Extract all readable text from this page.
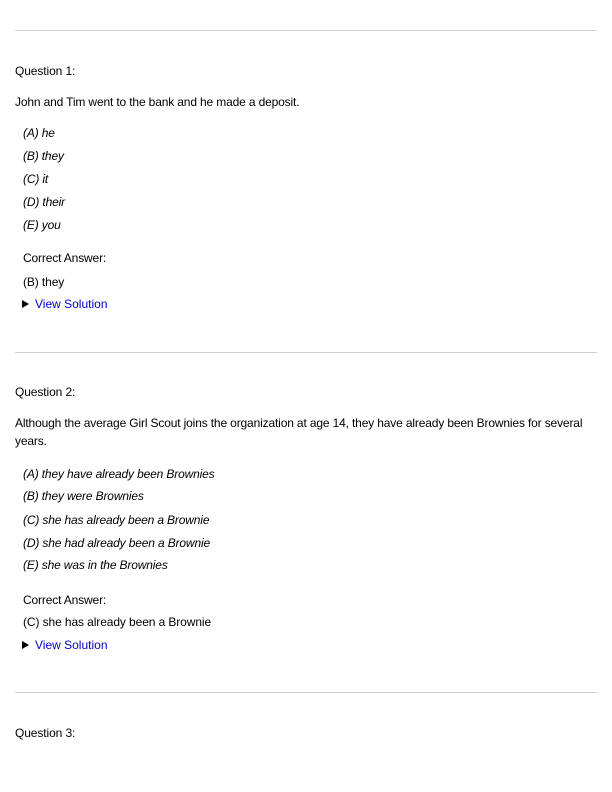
Question 1:
John and Tim went to the bank and he made a deposit.
(A) he
(B) they
(C) it
(D) their
(E) you
Correct Answer:
(B) they
View Solution
Question 2:
Although the average Girl Scout joins the organization at age 14, they have already been Brownies for several years.
(A) they have already been Brownies
(B) they were Brownies
(C) she has already been a Brownie
(D) she had already been a Brownie
(E) she was in the Brownies
Correct Answer:
(C) she has already been a Brownie
View Solution
Question 3:
